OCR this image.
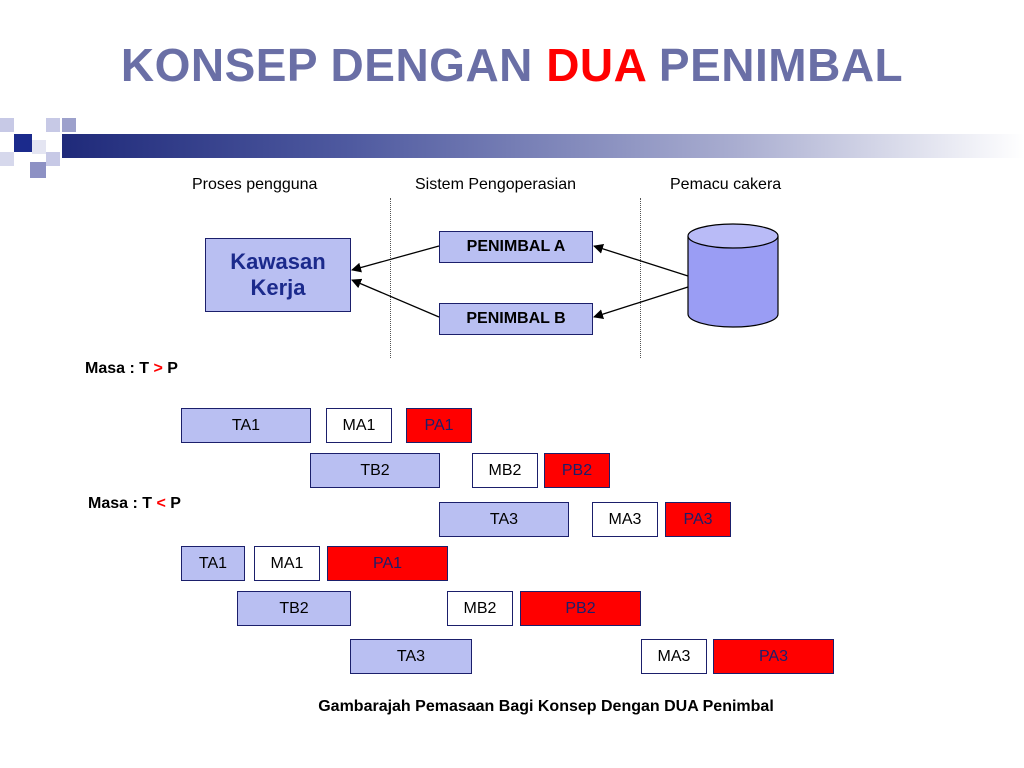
KONSEP DENGAN DUA PENIMBAL
Proses pengguna	Sistem Pengoperasian	Pemacu cakera
Kawasan
Kerja
PENIMBAL A
PENIMBAL B
Masa : T > P
TA1	MA1	PA1
TB2	MB2	PB2
TA3	MA3	PA3
Masa : T < P
TA1	MA1	PA1
TB2	MB2	PB2
TA3	MA3	PA3
Gambarajah Pemasaan Bagi Konsep Dengan DUA Penimbal
